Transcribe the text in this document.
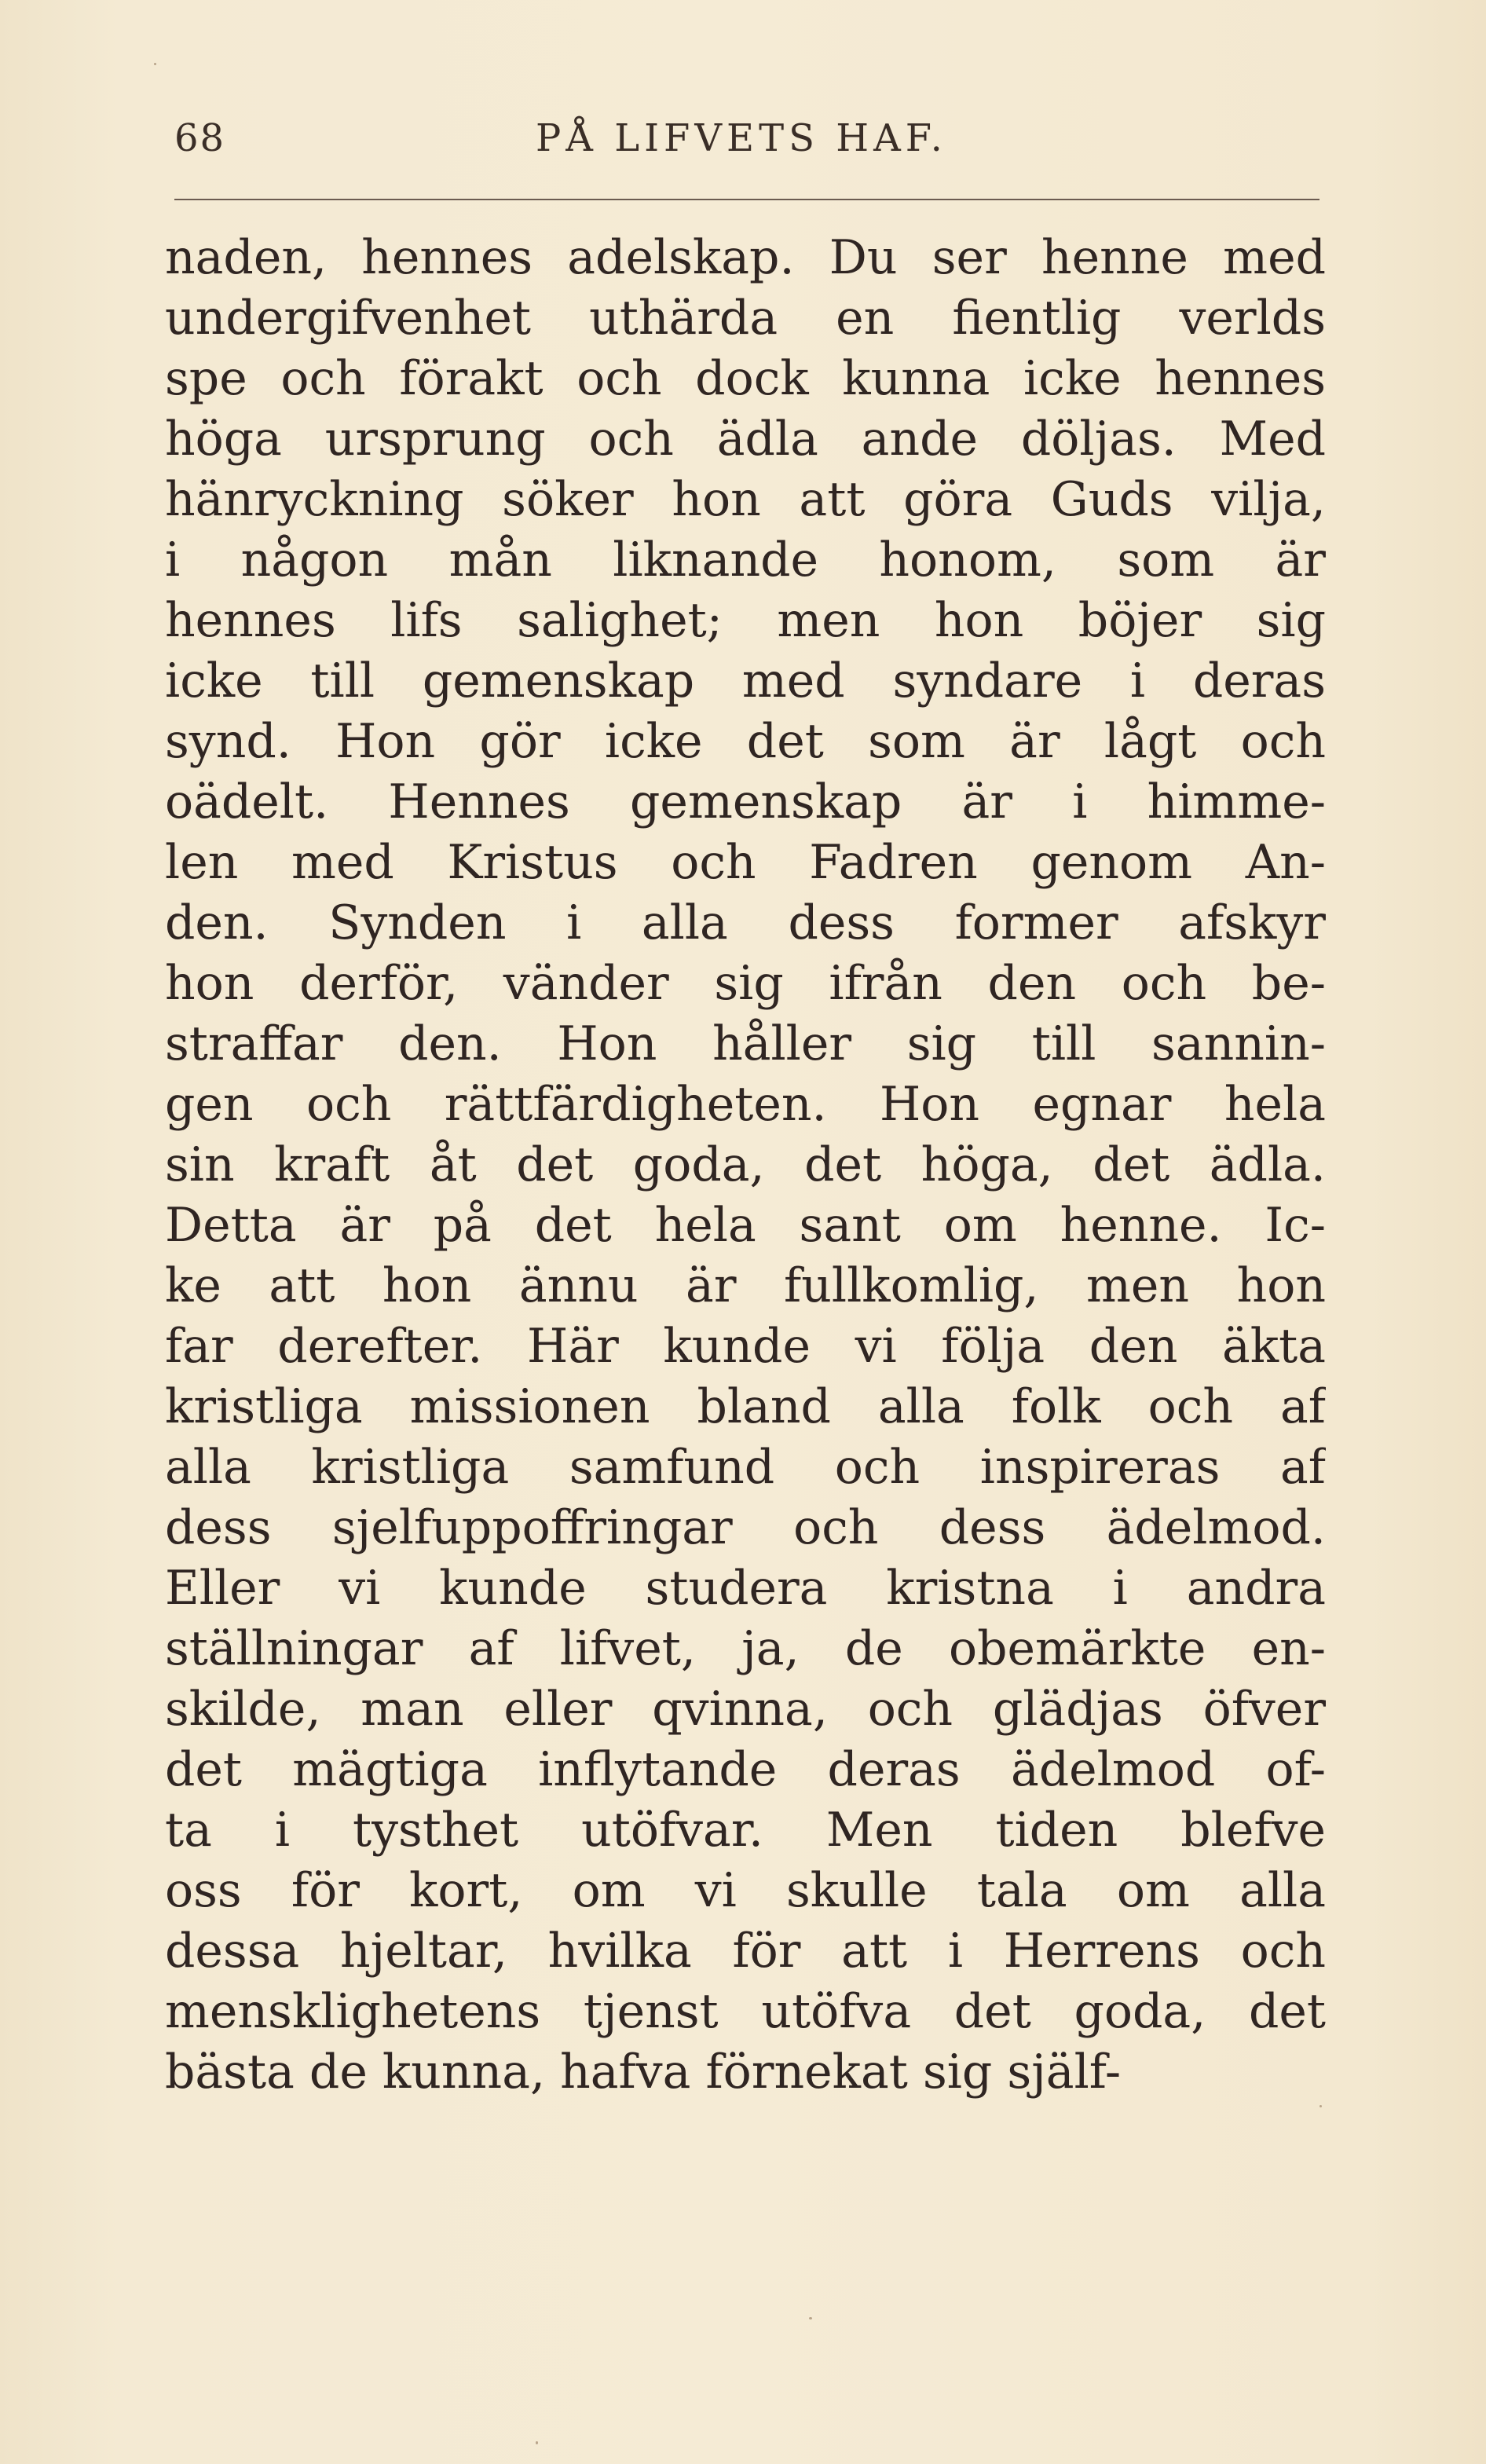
68	PÅ LIFVETS HAF.
naden, hennes adelskap. Du ser henne med
undergifvenhet uthärda en fientlig verlds
spe och förakt och dock kunna icke hennes
höga ursprung och ädla ande döljas. Med
hänryckning söker hon att göra Guds vilja,
i någon mån liknande honom, som är
hennes lifs salighet; men hon böjer sig
icke till gemenskap med syndare i deras
synd. Hon gör icke det som är lågt och
oädelt. Hennes gemenskap är i himme-
len med Kristus och Fadren genom An-
den. Synden i alla dess former afskyr
hon derför, vänder sig ifrån den och be-
straffar den. Hon håller sig till sannin-
gen och rättfärdigheten. Hon egnar hela
sin kraft åt det goda, det höga, det ädla.
Detta är på det hela sant om henne. Ic-
ke att hon ännu är fullkomlig, men hon
far derefter. Här kunde vi följa den äkta
kristliga missionen bland alla folk och af
alla kristliga samfund och inspireras af
dess sjelfuppoffringar och dess ädelmod.
Eller vi kunde studera kristna i andra
ställningar af lifvet, ja, de obemärkte en-
skilde, man eller qvinna, och glädjas öfver
det mägtiga inflytande deras ädelmod of-
ta i tysthet utöfvar. Men tiden blefve
oss för kort, om vi skulle tala om alla
dessa hjeltar, hvilka för att i Herrens och
mensklighetens tjenst utöfva det goda, det
bästa de kunna, hafva förnekat sig själf-
